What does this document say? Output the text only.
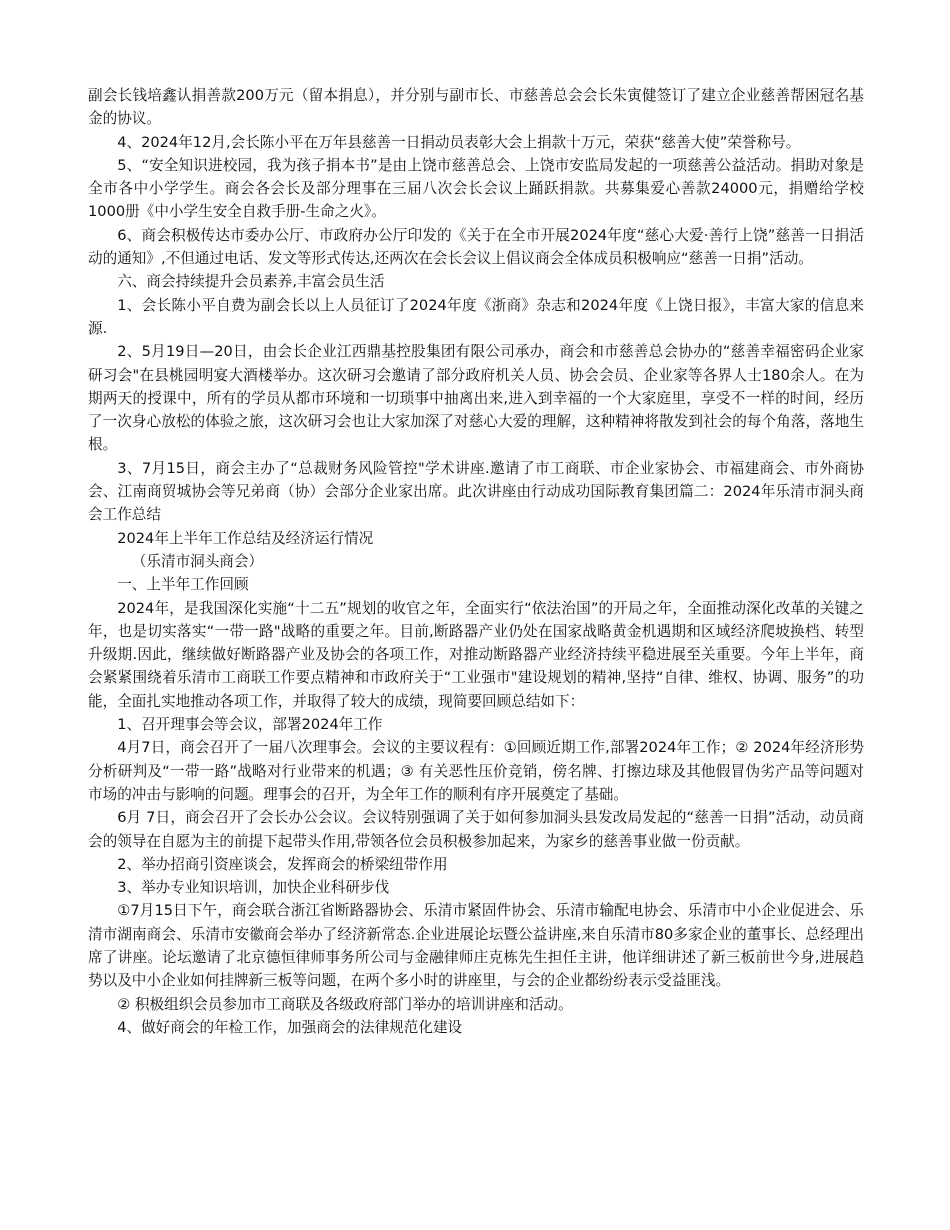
副会长钱培鑫认捐善款200万元（留本捐息），并分别与副市长、市慈善总会会长朱寅健签订了建立企业慈善帮困冠名基金的协议。

4、2024年12月,会长陈小平在万年县慈善一日捐动员表彰大会上捐款十万元，荣获“慈善大使”荣誉称号。

5、“安全知识进校园，我为孩子捐本书”是由上饶市慈善总会、上饶市安监局发起的一项慈善公益活动。捐助对象是全市各中小学学生。商会各会长及部分理事在三届八次会长会议上踊跃捐款。共募集爱心善款24000元，捐赠给学校1000册《中小学生安全自救手册-生命之火》。

6、商会积极传达市委办公厅、市政府办公厅印发的《关于在全市开展2024年度“慈心大爱·善行上饶”慈善一日捐活动的通知》,不但通过电话、发文等形式传达,还两次在会长会议上倡议商会全体成员积极响应“慈善一日捐”活动。

六、商会持续提升会员素养,丰富会员生活

1、会长陈小平自费为副会长以上人员征订了2024年度《浙商》杂志和2024年度《上饶日报》，丰富大家的信息来源.

2、5月19日—20日，由会长企业江西鼎基控股集团有限公司承办，商会和市慈善总会协办的“慈善幸福密码企业家研习会"在县桃园明宴大酒楼举办。这次研习会邀请了部分政府机关人员、协会会员、企业家等各界人士180余人。在为期两天的授课中，所有的学员从都市环境和一切琐事中抽离出来,进入到幸福的一个大家庭里，享受不一样的时间，经历了一次身心放松的体验之旅，这次研习会也让大家加深了对慈心大爱的理解，这种精神将散发到社会的每个角落，落地生根。

3、7月15日，商会主办了“总裁财务风险管控"学术讲座.邀请了市工商联、市企业家协会、市福建商会、市外商协会、江南商贸城协会等兄弟商（协）会部分企业家出席。此次讲座由行动成功国际教育集团篇二：2024年乐清市洞头商会工作总结

2024年上半年工作总结及经济运行情况

（乐清市洞头商会）

一、上半年工作回顾

2024年，是我国深化实施“十二五”规划的收官之年，全面实行“依法治国”的开局之年，全面推动深化改革的关键之年，也是切实落实“一带一路"战略的重要之年。目前,断路器产业仍处在国家战略黄金机遇期和区域经济爬坡换档、转型升级期.因此，继续做好断路器产业及协会的各项工作，对推动断路器产业经济持续平稳进展至关重要。今年上半年，商会紧紧围绕着乐清市工商联工作要点精神和市政府关于“工业强市"建设规划的精神,坚持“自律、维权、协调、服务”的功能，全面扎实地推动各项工作，并取得了较大的成绩，现简要回顾总结如下：

1、召开理事会等会议，部署2024年工作

4月7日，商会召开了一届八次理事会。会议的主要议程有：①回顾近期工作,部署2024年工作；② 2024年经济形势分析研判及“一带一路”战略对行业带来的机遇；③ 有关恶性压价竞销，傍名牌、打擦边球及其他假冒伪劣产品等问题对市场的冲击与影响的问题。理事会的召开，为全年工作的顺利有序开展奠定了基础。

6月 7日，商会召开了会长办公会议。会议特别强调了关于如何参加洞头县发改局发起的“慈善一日捐”活动，动员商会的领导在自愿为主的前提下起带头作用,带领各位会员积极参加起来，为家乡的慈善事业做一份贡献。

2、举办招商引资座谈会，发挥商会的桥梁纽带作用

3、举办专业知识培训，加快企业科研步伐

①7月15日下午，商会联合浙江省断路器协会、乐清市紧固件协会、乐清市输配电协会、乐清市中小企业促进会、乐清市湖南商会、乐清市安徽商会举办了经济新常态.企业进展论坛暨公益讲座,来自乐清市80多家企业的董事长、总经理出席了讲座。论坛邀请了北京德恒律师事务所公司与金融律师庄克栋先生担任主讲，他详细讲述了新三板前世今身,进展趋势以及中小企业如何挂牌新三板等问题，在两个多小时的讲座里，与会的企业都纷纷表示受益匪浅。

② 积极组织会员参加市工商联及各级政府部门举办的培训讲座和活动。

4、做好商会的年检工作，加强商会的法律规范化建设
